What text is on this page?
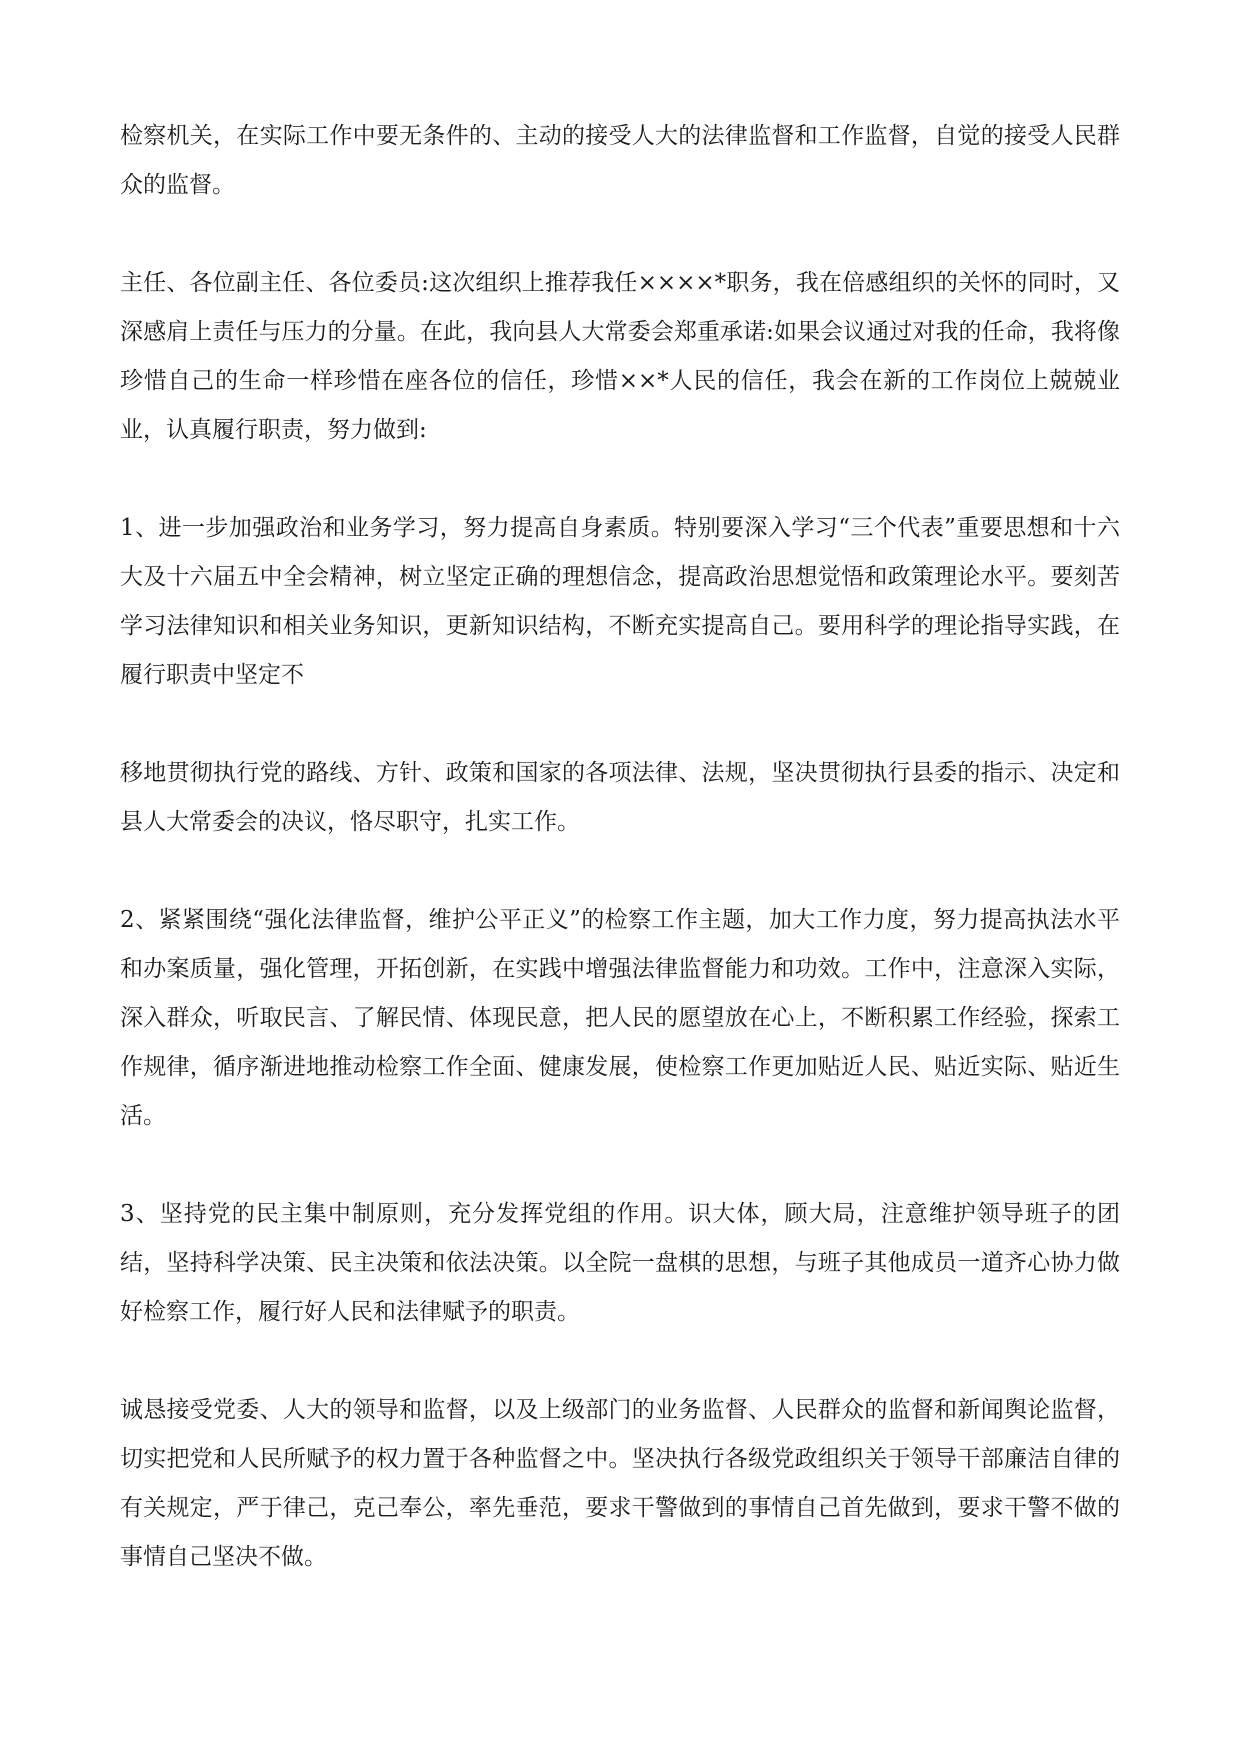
检察机关，在实际工作中要无条件的、主动的接受人大的法律监督和工作监督，自觉的接受人民群众的监督。

主任、各位副主任、各位委员:这次组织上推荐我任××××*职务，我在倍感组织的关怀的同时，又深感肩上责任与压力的分量。在此，我向县人大常委会郑重承诺:如果会议通过对我的任命，我将像珍惜自己的生命一样珍惜在座各位的信任，珍惜××*人民的信任，我会在新的工作岗位上兢兢业业，认真履行职责，努力做到:

1、进一步加强政治和业务学习，努力提高自身素质。特别要深入学习“三个代表”重要思想和十六大及十六届五中全会精神，树立坚定正确的理想信念，提高政治思想觉悟和政策理论水平。要刻苦学习法律知识和相关业务知识，更新知识结构，不断充实提高自己。要用科学的理论指导实践，在履行职责中坚定不

移地贯彻执行党的路线、方针、政策和国家的各项法律、法规，坚决贯彻执行县委的指示、决定和县人大常委会的决议，恪尽职守，扎实工作。

2、紧紧围绕“强化法律监督，维护公平正义”的检察工作主题，加大工作力度，努力提高执法水平和办案质量，强化管理，开拓创新，在实践中增强法律监督能力和功效。工作中，注意深入实际，深入群众，听取民言、了解民情、体现民意，把人民的愿望放在心上，不断积累工作经验，探索工作规律，循序渐进地推动检察工作全面、健康发展，使检察工作更加贴近人民、贴近实际、贴近生活。

3、坚持党的民主集中制原则，充分发挥党组的作用。识大体，顾大局，注意维护领导班子的团结，坚持科学决策、民主决策和依法决策。以全院一盘棋的思想，与班子其他成员一道齐心协力做好检察工作，履行好人民和法律赋予的职责。

诚恳接受党委、人大的领导和监督，以及上级部门的业务监督、人民群众的监督和新闻舆论监督，切实把党和人民所赋予的权力置于各种监督之中。坚决执行各级党政组织关于领导干部廉洁自律的有关规定，严于律己，克己奉公，率先垂范，要求干警做到的事情自己首先做到，要求干警不做的事情自己坚决不做。
